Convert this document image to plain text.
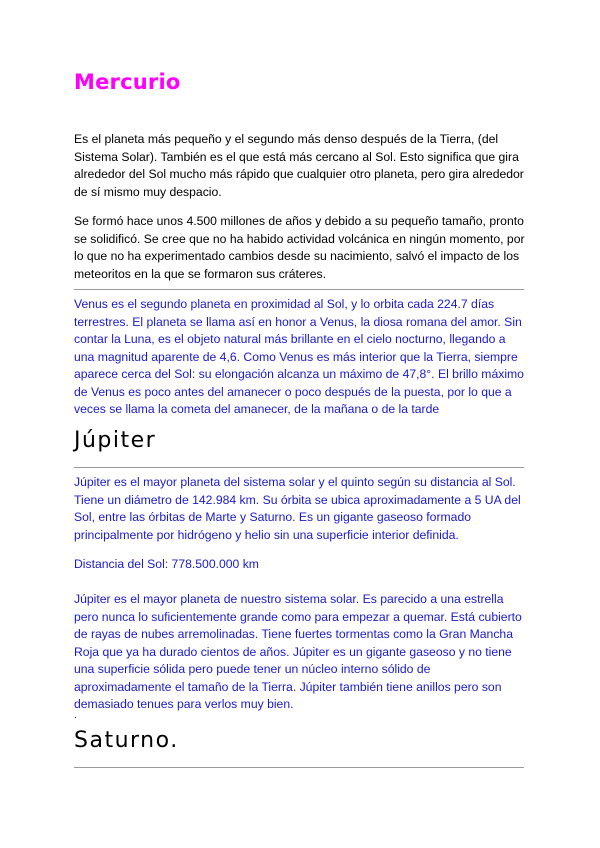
Mercurio

Es el planeta más pequeño y el segundo más denso después de la Tierra, (del Sistema Solar). También es el que está más cercano al Sol. Esto significa que gira alrededor del Sol mucho más rápido que cualquier otro planeta, pero gira alrededor de sí mismo muy despacio.

Se formó hace unos 4.500 millones de años y debido a su pequeño tamaño, pronto se solidificó. Se cree que no ha habido actividad volcánica en ningún momento, por lo que no ha experimentado cambios desde su nacimiento, salvó el impacto de los meteoritos en la que se formaron sus cráteres.

Venus es el segundo planeta en proximidad al Sol, y lo orbita cada 224.7 días terrestres. El planeta se llama así en honor a Venus, la diosa romana del amor. Sin contar la Luna, es el objeto natural más brillante en el cielo nocturno, llegando a una magnitud aparente de 4,6. Como Venus es más interior que la Tierra, siempre aparece cerca del Sol: su elongación alcanza un máximo de 47,8°. El brillo máximo de Venus es poco antes del amanecer o poco después de la puesta, por lo que a veces se llama la cometa del amanecer, de la mañana o de la tarde

Júpiter

Júpiter es el mayor planeta del sistema solar y el quinto según su distancia al Sol. Tiene un diámetro de 142.984 km. Su órbita se ubica aproximadamente a 5 UA del Sol, entre las órbitas de Marte y Saturno. Es un gigante gaseoso formado principalmente por hidrógeno y helio sin una superficie interior definida.

Distancia del Sol: 778.500.000 km

Júpiter es el mayor planeta de nuestro sistema solar. Es parecido a una estrella pero nunca lo suficientemente grande como para empezar a quemar. Está cubierto de rayas de nubes arremolinadas. Tiene fuertes tormentas como la Gran Mancha Roja que ya ha durado cientos de años. Júpiter es un gigante gaseoso y no tiene una superficie sólida pero puede tener un núcleo interno sólido de aproximadamente el tamaño de la Tierra. Júpiter también tiene anillos pero son demasiado tenues para verlos muy bien.

.
Saturno.
